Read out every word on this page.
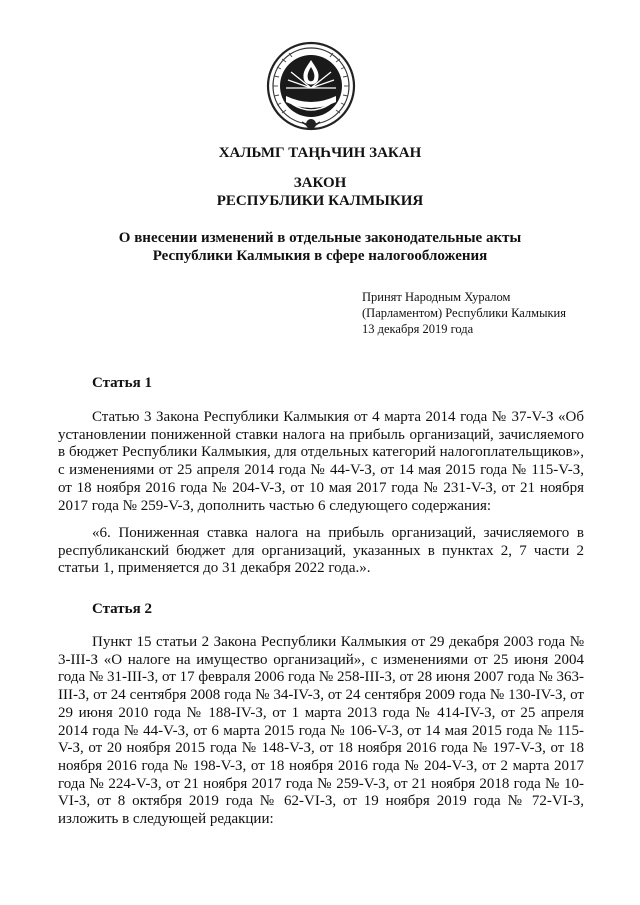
ХАЛЬМГ ТАҢҺЧИН ЗАКАН
ЗАКОН
РЕСПУБЛИКИ КАЛМЫКИЯ
О внесении изменений в отдельные законодательные акты
Республики Калмыкия в сфере налогообложения
Принят Народным Хуралом
(Парламентом) Республики Калмыкия
13 декабря 2019 года
Статья 1
Статью 3 Закона Республики Калмыкия от 4 марта 2014 года № 37-V-З «Об установлении пониженной ставки налога на прибыль организаций, зачисляемого в бюджет Республики Калмыкия, для отдельных категорий налогоплательщиков», с изменениями от 25 апреля 2014 года № 44-V-З, от 14 мая 2015 года № 115-V-З, от 18 ноября 2016 года № 204-V-З, от 10 мая 2017 года № 231-V-З, от 21 ноября 2017 года № 259-V-З, дополнить частью 6 следующего содержания:
«6. Пониженная ставка налога на прибыль организаций, зачисляемого в республиканский бюджет для организаций, указанных в пунктах 2, 7 части 2 статьи 1, применяется до 31 декабря 2022 года.».
Статья 2
Пункт 15 статьи 2 Закона Республики Калмыкия от 29 декабря 2003 года № 3-III-З «О налоге на имущество организаций», с изменениями от 25 июня 2004 года № 31-III-З, от 17 февраля 2006 года № 258-III-З, от 28 июня 2007 года № 363-III-З, от 24 сентября 2008 года № 34-IV-З, от 24 сентября 2009 года № 130-IV-З, от 29 июня 2010 года № 188-IV-З, от 1 марта 2013 года № 414-IV-З, от 25 апреля 2014 года № 44-V-З, от 6 марта 2015 года № 106-V-З, от 14 мая 2015 года № 115-V-З, от 20 ноября 2015 года № 148-V-З, от 18 ноября 2016 года № 197-V-З, от 18 ноября 2016 года № 198-V-З, от 18 ноября 2016 года № 204-V-З, от 2 марта 2017 года № 224-V-З, от 21 ноября 2017 года № 259-V-З, от 21 ноября 2018 года № 10-VI-З, от 8 октября 2019 года № 62-VI-З, от 19 ноября 2019 года № 72-VI-З, изложить в следующей редакции:
